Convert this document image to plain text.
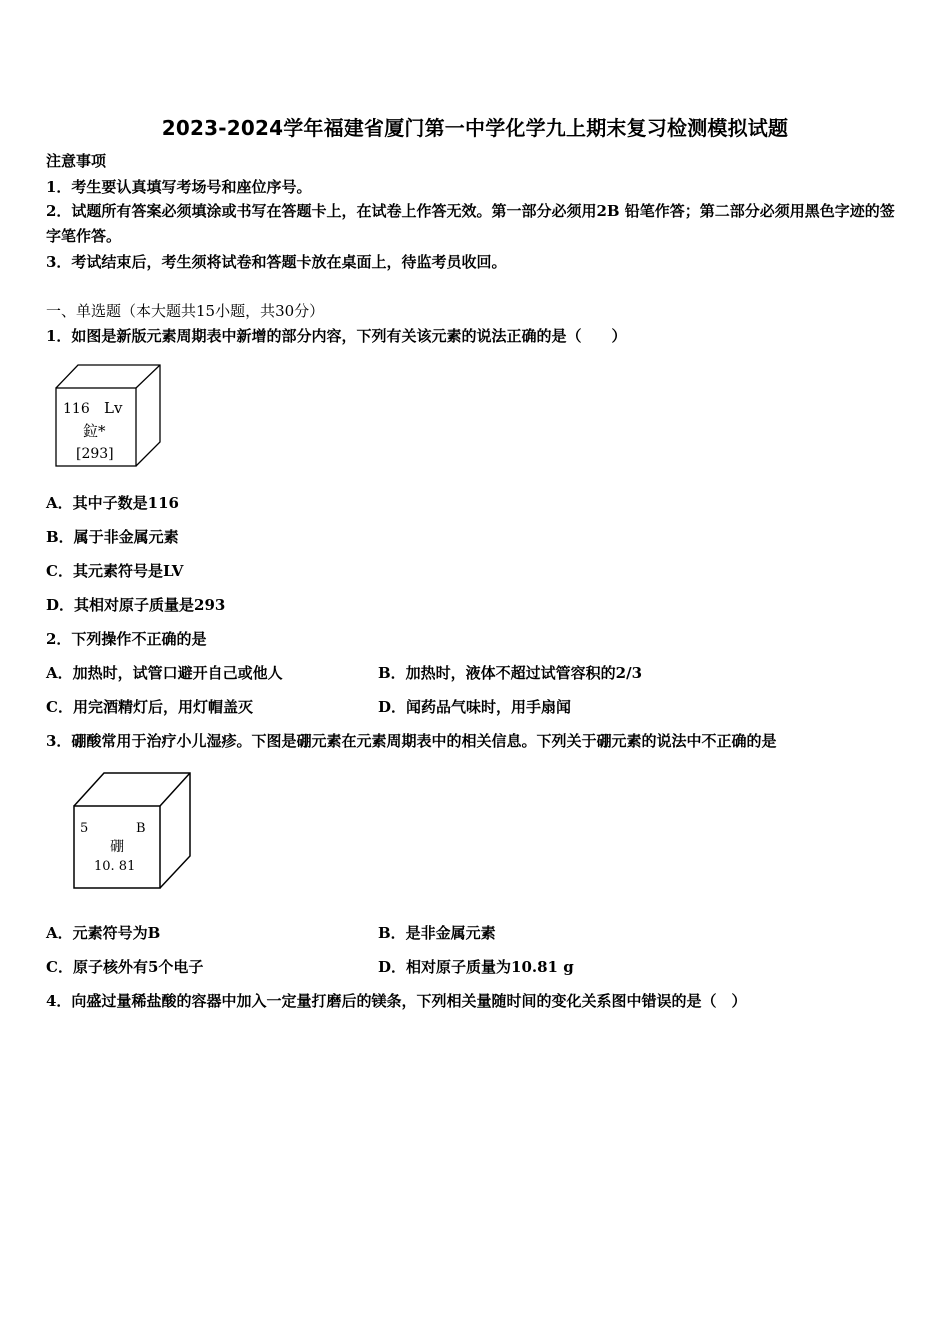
2023-2024学年福建省厦门第一中学化学九上期末复习检测模拟试题
注意事项
1．考生要认真填写考场号和座位序号。
2．试题所有答案必须填涂或书写在答题卡上，在试卷上作答无效。第一部分必须用2B 铅笔作答；第二部分必须用黑色字迹的签字笔作答。
3．考试结束后，考生须将试卷和答题卡放在桌面上，待监考员收回。
一、单选题（本大题共15小题，共30分）
1．如图是新版元素周期表中新增的部分内容，下列有关该元素的说法正确的是（　　）
116 Lv
鉝*
[293]
A．其中子数是116
B．属于非金属元素
C．其元素符号是LV
D．其相对原子质量是293
2．下列操作不正确的是
A．加热时，试管口避开自己或他人	B．加热时，液体不超过试管容积的2/3
C．用完酒精灯后，用灯帽盖灭	D．闻药品气味时，用手扇闻
3．硼酸常用于治疗小儿湿疹。下图是硼元素在元素周期表中的相关信息。下列关于硼元素的说法中不正确的是
5	B
硼
10. 81
A．元素符号为B	B．是非金属元素
C．原子核外有5个电子	D．相对原子质量为10.81 g
4．向盛过量稀盐酸的容器中加入一定量打磨后的镁条，下列相关量随时间的变化关系图中错误的是（　）
